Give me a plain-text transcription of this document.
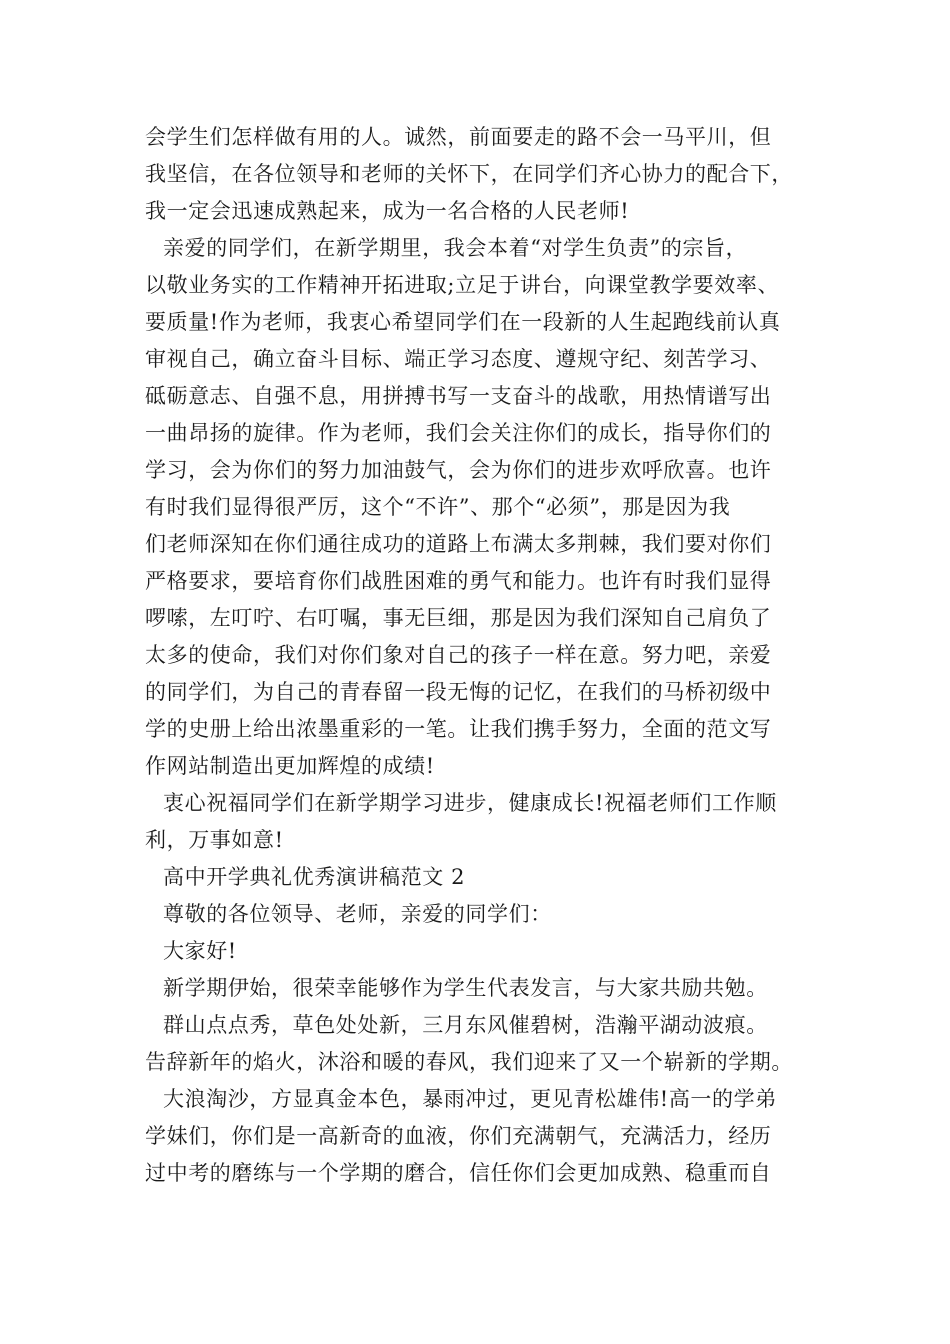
会学生们怎样做有用的人。诚然，前面要走的路不会一马平川，但
我坚信，在各位领导和老师的关怀下，在同学们齐心协力的配合下，
我一定会迅速成熟起来，成为一名合格的人民老师!
亲爱的同学们，在新学期里，我会本着“对学生负责”的宗旨，
以敬业务实的工作精神开拓进取;立足于讲台，向课堂教学要效率、
要质量!作为老师，我衷心希望同学们在一段新的人生起跑线前认真
审视自己，确立奋斗目标、端正学习态度、遵规守纪、刻苦学习、
砥砺意志、自强不息，用拼搏书写一支奋斗的战歌，用热情谱写出
一曲昂扬的旋律。作为老师，我们会关注你们的成长，指导你们的
学习，会为你们的努力加油鼓气，会为你们的进步欢呼欣喜。也许
有时我们显得很严厉，这个“不许”、那个“必须”，那是因为我
们老师深知在你们通往成功的道路上布满太多荆棘，我们要对你们
严格要求，要培育你们战胜困难的勇气和能力。也许有时我们显得
啰嗦，左叮咛、右叮嘱，事无巨细，那是因为我们深知自己肩负了
太多的使命，我们对你们象对自己的孩子一样在意。努力吧，亲爱
的同学们，为自己的青春留一段无悔的记忆，在我们的马桥初级中
学的史册上给出浓墨重彩的一笔。让我们携手努力，全面的范文写
作网站制造出更加辉煌的成绩!
衷心祝福同学们在新学期学习进步，健康成长!祝福老师们工作顺
利，万事如意!
高中开学典礼优秀演讲稿范文 2
尊敬的各位领导、老师，亲爱的同学们：
大家好!
新学期伊始，很荣幸能够作为学生代表发言，与大家共励共勉。
群山点点秀，草色处处新，三月东风催碧树，浩瀚平湖动波痕。
告辞新年的焰火，沐浴和暖的春风，我们迎来了又一个崭新的学期。
大浪淘沙，方显真金本色，暴雨冲过，更见青松雄伟!高一的学弟
学妹们，你们是一高新奇的血液，你们充满朝气，充满活力，经历
过中考的磨练与一个学期的磨合，信任你们会更加成熟、稳重而自
